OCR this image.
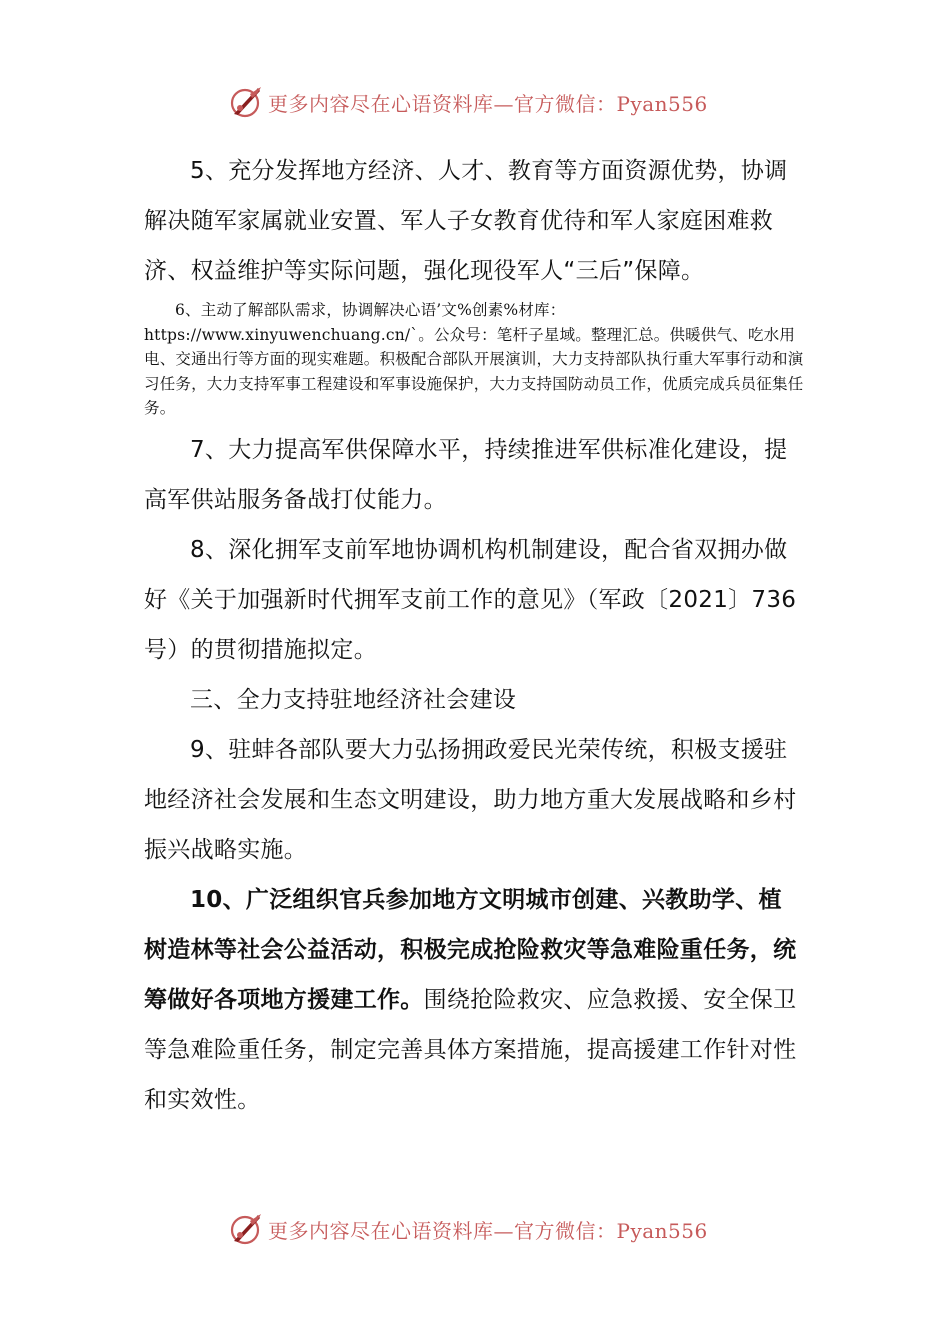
更多内容尽在心语资料库—官方微信：Pyan556

5、充分发挥地方经济、人才、教育等方面资源优势，协调解决随军家属就业安置、军人子女教育优待和军人家庭困难救济、权益维护等实际问题，强化现役军人“三后”保障。

6、主动了解部队需求，协调解决心语’文%创素%材库：https://www.xinyuwenchuang.cn/`。公众号：笔杆子星域。整理汇总。供暖供气、吃水用电、交通出行等方面的现实难题。积极配合部队开展演训，大力支持部队执行重大军事行动和演习任务，大力支持军事工程建设和军事设施保护，大力支持国防动员工作，优质完成兵员征集任务。

7、大力提高军供保障水平，持续推进军供标准化建设，提高军供站服务备战打仗能力。

8、深化拥军支前军地协调机构机制建设，配合省双拥办做好《关于加强新时代拥军支前工作的意见》（军政〔2021〕736号）的贯彻措施拟定。

三、全力支持驻地经济社会建设

9、驻蚌各部队要大力弘扬拥政爱民光荣传统，积极支援驻地经济社会发展和生态文明建设，助力地方重大发展战略和乡村振兴战略实施。

10、广泛组织官兵参加地方文明城市创建、兴教助学、植树造林等社会公益活动，积极完成抢险救灾等急难险重任务，统筹做好各项地方援建工作。围绕抢险救灾、应急救援、安全保卫等急难险重任务，制定完善具体方案措施，提高援建工作针对性和实效性。

更多内容尽在心语资料库—官方微信：Pyan556
